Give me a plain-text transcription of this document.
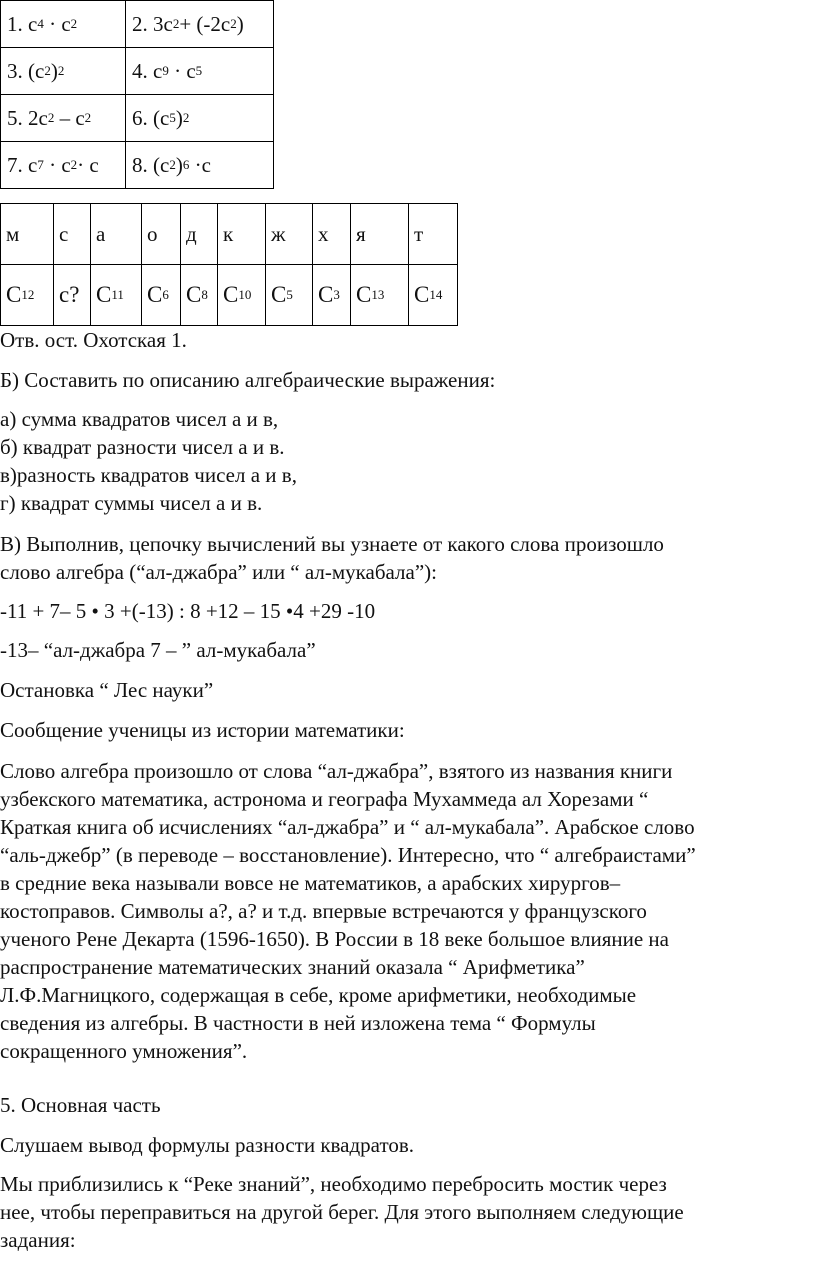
1. $c^4 \cdot c^2$	2. $3c^2+ (-2c^2)$
3. $(c^2)^2$	4. $c^9 \cdot c^5$
5. $2c^2 - c^2$	6. $(c^5)^2$
7. $c^7 \cdot c^2\cdot c$	8. $(c^2)^6 \cdot c$
м	с	а	о	д	к	ж	х	я	т
$C^{12}$	c?	$C^{11}$	$C^6$	$C^8$	$C^{10}$	$C^5$	$C^3$	$C^{13}$	$C^{14}$

Отв. ост. Охотская 1.

Б) Составить по описанию алгебраические выражения:

а) сумма квадратов чисел а и в,

б) квадрат разности чисел а и в.

в)разность квадратов чисел а и в,

г) квадрат суммы чисел а и в.

В) Выполнив, цепочку вычислений вы узнаете от какого слова произошло

слово алгебра (“ал-джабра” или “ ал-мукабала”):

-11 + 7– 5 • 3 +(-13) : 8 +12 – 15 •4 +29 -10

-13– “ал-джабра 7 – ” ал-мукабала”

Остановка “ Лес науки”

Сообщение ученицы из истории математики:

Слово алгебра произошло от слова “ал-джабра”, взятого из названия книги

узбекского математика, астронома и географа Мухаммеда ал Хорезами “

Краткая книга об исчислениях “ал-джабра” и “ ал-мукабала”. Арабское слово

“аль-джебр” (в переводе – восстановление). Интересно, что “ алгебраистами”

в средние века называли вовсе не математиков, а арабских хирургов–

костоправов. Символы а?, а? и т.д. впервые встречаются у французского

ученого Рене Декарта (1596-1650). В России в 18 веке большое влияние на

распространение математических знаний оказала “ Арифметика”

Л.Ф.Магницкого, содержащая в себе, кроме арифметики, необходимые

сведения из алгебры. В частности в ней изложена тема “ Формулы

сокращенного умножения”.

5. Основная часть

Слушаем вывод формулы разности квадратов.

Мы приблизились к “Реке знаний”, необходимо перебросить мостик через

нее, чтобы переправиться на другой берег. Для этого выполняем следующие

задания:
